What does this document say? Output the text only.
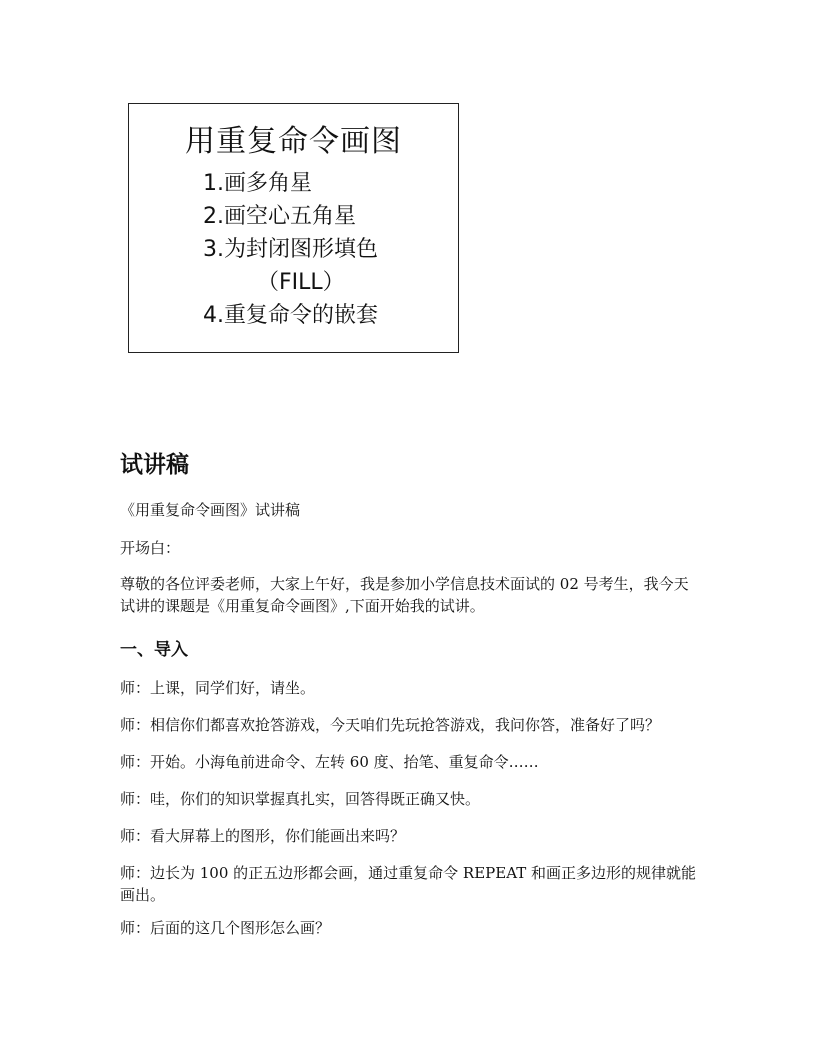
用重复命令画图
1.画多角星
2.画空心五角星
3.为封闭图形填色
（FILL）
4.重复命令的嵌套
试讲稿
《用重复命令画图》试讲稿
开场白：
尊敬的各位评委老师，大家上午好，我是参加小学信息技术面试的 02 号考生，我今天试讲的课题是《用重复命令画图》,下面开始我的试讲。
一、导入
师：上课，同学们好，请坐。
师：相信你们都喜欢抢答游戏，今天咱们先玩抢答游戏，我问你答，准备好了吗？
师：开始。小海龟前进命令、左转 60 度、抬笔、重复命令……
师：哇，你们的知识掌握真扎实，回答得既正确又快。
师：看大屏幕上的图形，你们能画出来吗？
师：边长为 100 的正五边形都会画，通过重复命令 REPEAT 和画正多边形的规律就能画出。
师：后面的这几个图形怎么画？
